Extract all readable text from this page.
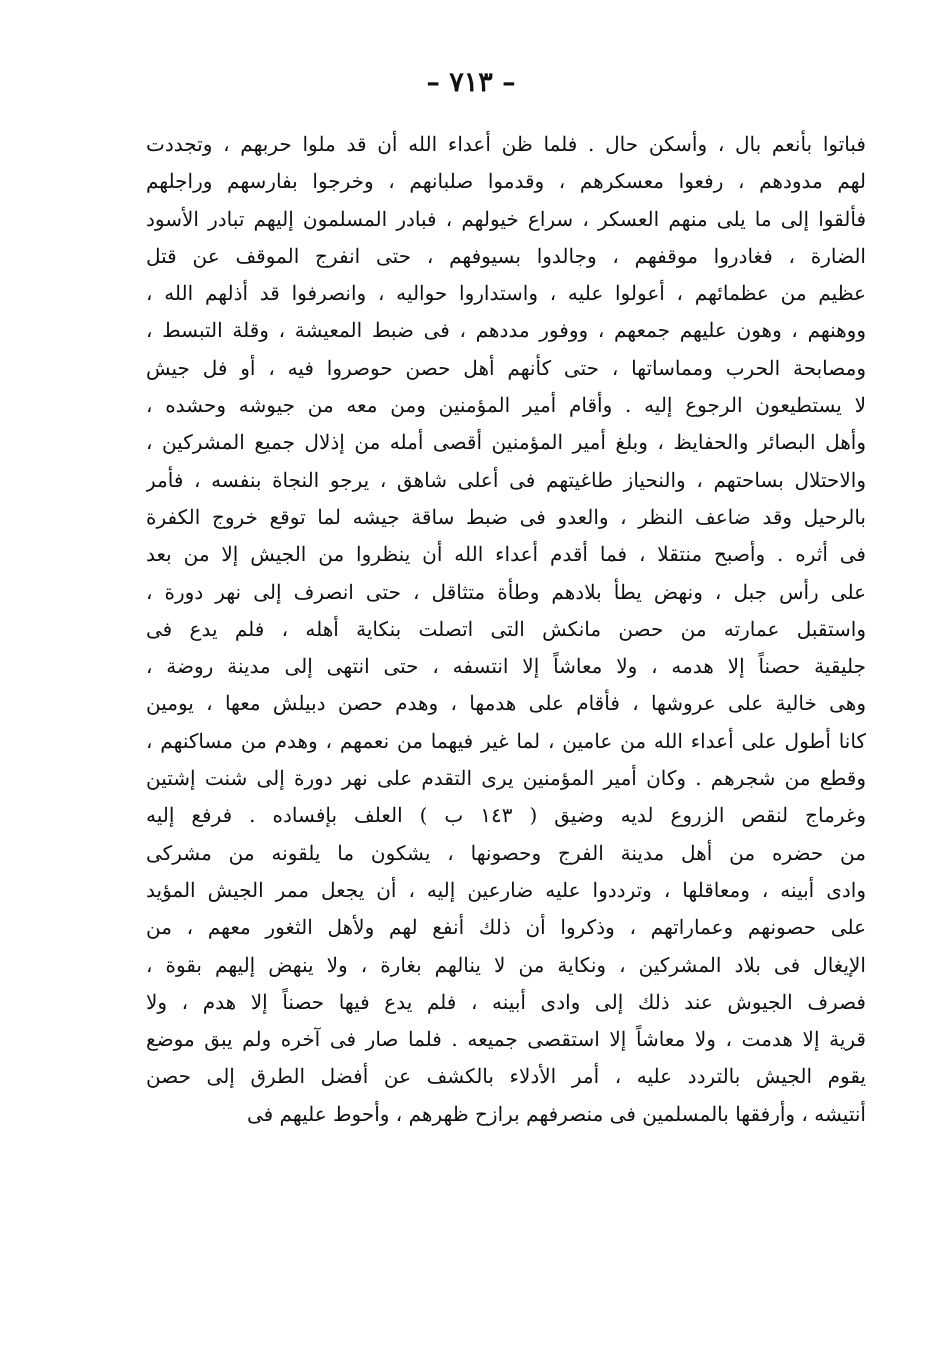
– ٧١٣ –
فباتوا بأنعم بال ، وأسكن حال . فلما ظن أعداء الله أن قد ملوا حربهم ، وتجددت
لهم مدودهم ، رفعوا معسكرهم ، وقدموا صلبانهم ، وخرجوا بفارسهم وراجلهم
فألقوا إلى ما يلى منهم العسكر ، سراع خيولهم ، فبادر المسلمون إليهم تبادر الأسود
الضارة ، فغادروا موقفهم ، وجالدوا بسيوفهم ، حتى انفرج الموقف عن قتل
عظيم من عظمائهم ، أعولوا عليه ، واستداروا حواليه ، وانصرفوا قد أذلهم الله ،
ووهنهم ، وهون عليهم جمعهم ، ووفور مددهم ، فى ضبط المعيشة ، وقلة التبسط ،
ومصابحة الحرب ومماساتها ، حتى كأنهم أهل حصن حوصروا فيه ، أو فل جيش
لا يستطيعون الرجوع إليه . وأقام أمير المؤمنين ومن معه من جيوشه وحشده ،
وأهل البصائر والحفايظ ، وبلغ أمير المؤمنين أقصى أمله من إذلال جميع المشركين ،
والاحتلال بساحتهم ، والنحياز طاغيتهم فى أعلى شاهق ، يرجو النجاة بنفسه ، فأمر
بالرحيل وقد ضاعف النظر ، والعدو فى ضبط ساقة جيشه لما توقع خروج الكفرة
فى أثره . وأصبح منتقلا ، فما أقدم أعداء الله أن ينظروا من الجيش إلا من بعد
على رأس جبل ، ونهض يطأ بلادهم وطأة متثاقل ، حتى انصرف إلى نهر دورة ،
واستقبل عمارته من حصن مانكش التى اتصلت بنكاية أهله ، فلم يدع فى
جليقية حصناً إلا هدمه ، ولا معاشاً إلا انتسفه ، حتى انتهى إلى مدينة روضة ،
وهى خالية على عروشها ، فأقام على هدمها ، وهدم حصن دبيلش معها ، يومين
كانا أطول على أعداء الله من عامين ، لما غير فيهما من نعمهم ، وهدم من مساكنهم ،
وقطع من شجرهم . وكان أمير المؤمنين يرى التقدم على نهر دورة إلى شنت إشتين
وغرماج لنقص الزروع لديه وضيق ( ١٤٣ ب ) العلف بإفساده . فرفع إليه
من حضره من أهل مدينة الفرج وحصونها ، يشكون ما يلقونه من مشركى
وادى أبينه ، ومعاقلها ، وترددوا عليه ضارعين إليه ، أن يجعل ممر الجيش المؤيد
على حصونهم وعماراتهم ، وذكروا أن ذلك أنفع لهم ولأهل الثغور معهم ، من
الإيغال فى بلاد المشركين ، ونكاية من لا ينالهم بغارة ، ولا ينهض إليهم بقوة ،
فصرف الجيوش عند ذلك إلى وادى أبينه ، فلم يدع فيها حصناً إلا هدم ، ولا
قرية إلا هدمت ، ولا معاشاً إلا استقصى جميعه . فلما صار فى آخره ولم يبق موضع
يقوم الجيش بالتردد عليه ، أمر الأدلاء بالكشف عن أفضل الطرق إلى حصن
أنتيشه ، وأرفقها بالمسلمين فى منصرفهم برازح ظهرهم ، وأحوط عليهم فى
